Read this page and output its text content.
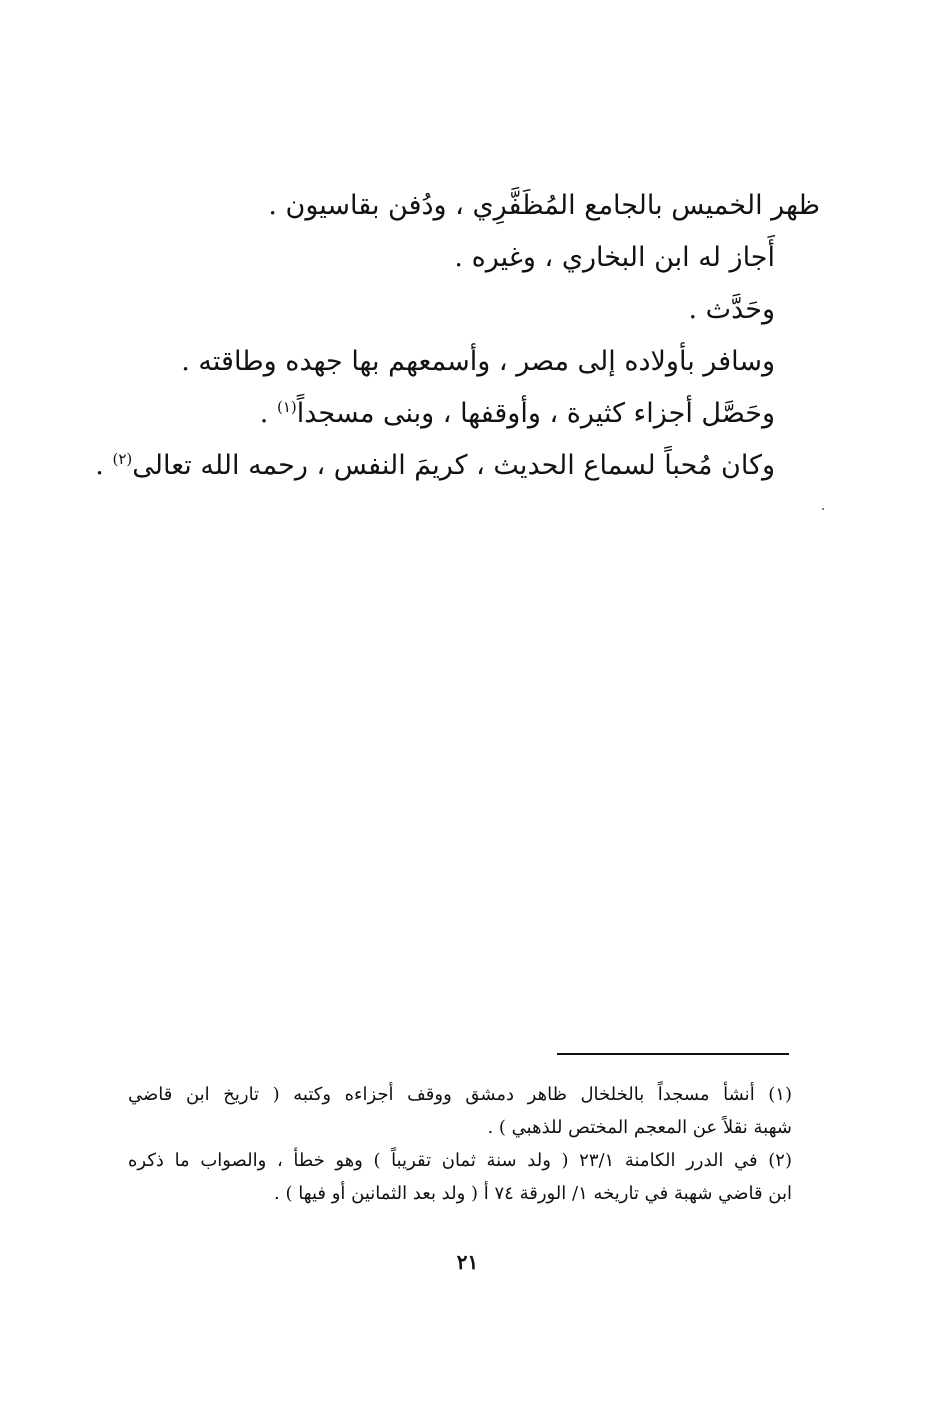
ظهر الخميس بالجامع المُظَفَّرِي ، ودُفن بقاسيون .
أَجاز له ابن البخاري ، وغيره .
وحَدَّث .
وسافر بأولاده إلى مصر ، وأسمعهم بها جهده وطاقته .
وحَصَّل أجزاء كثيرة ، وأوقفها ، وبنى مسجداً$^{(١)}$ .
وكان مُحباً لسماع الحديث ، كريمَ النفس ، رحمه الله تعالى$^{(٢)}$ .
(١) أنشأ مسجداً بالخلخال ظاهر دمشق ووقف أجزاءه وكتبه ( تاريخ ابن قاضي
شهبة نقلاً عن المعجم المختص للذهبي ) .
(٢) في الدرر الكامنة ٢٣/١ ( ولد سنة ثمان تقريباً ) وهو خطأ ، والصواب ما ذكره
ابن قاضي شهبة في تاريخه ١/ الورقة ٧٤ أ ( ولد بعد الثمانين أو فيها ) .
٢١
